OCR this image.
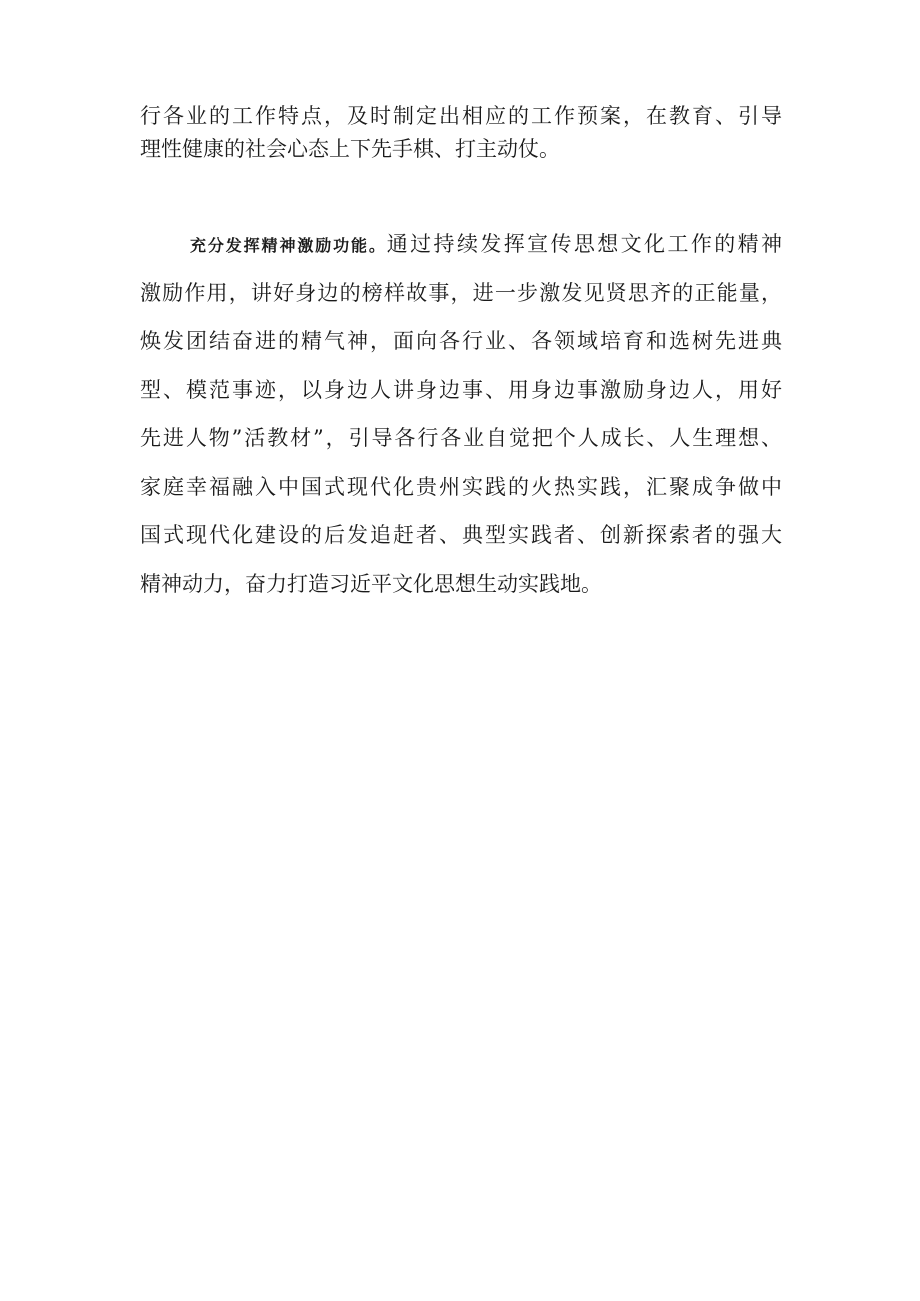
行各业的工作特点，及时制定出相应的工作预案，在教育、引导
理性健康的社会心态上下先手棋、打主动仗。
充分发挥精神激励功能。通过持续发挥宣传思想文化工作的精神
激励作用，讲好身边的榜样故事，进一步激发见贤思齐的正能量，
焕发团结奋进的精气神，面向各行业、各领域培育和选树先进典
型、模范事迹，以身边人讲身边事、用身边事激励身边人，用好
先进人物”活教材”，引导各行各业自觉把个人成长、人生理想、
家庭幸福融入中国式现代化贵州实践的火热实践，汇聚成争做中
国式现代化建设的后发追赶者、典型实践者、创新探索者的强大
精神动力，奋力打造习近平文化思想生动实践地。
